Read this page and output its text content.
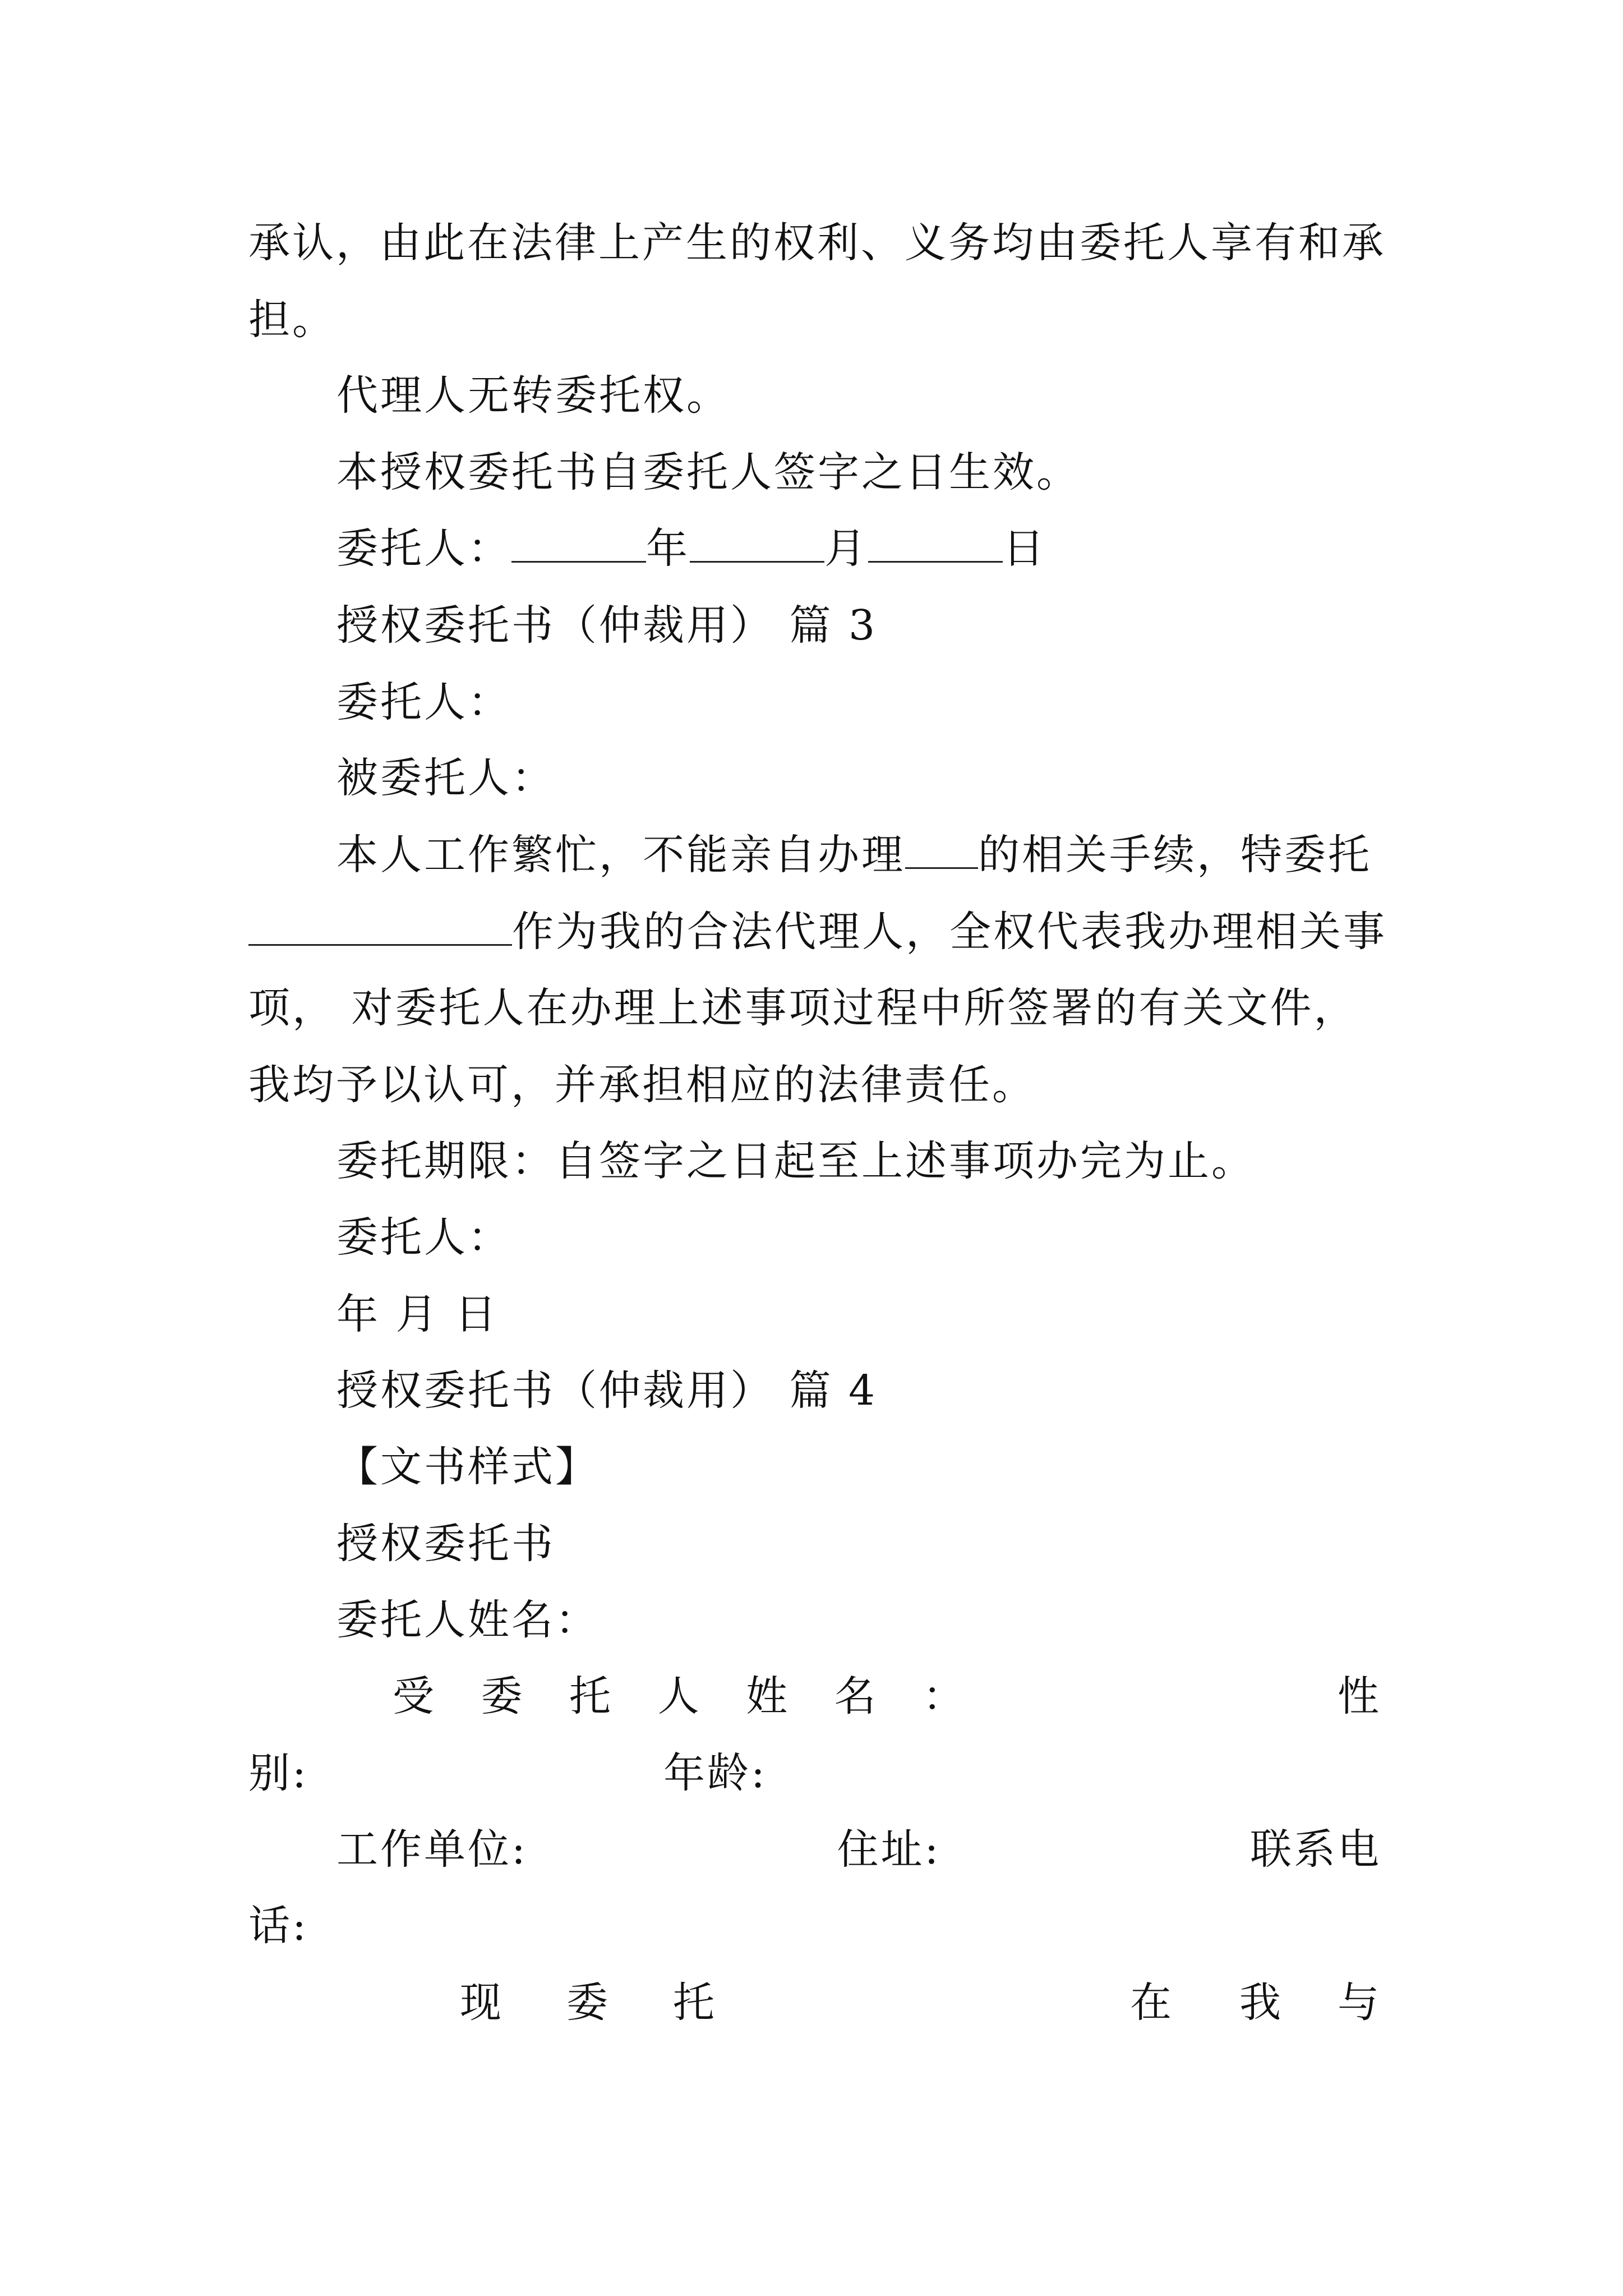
承认，由此在法律上产生的权利、义务均由委托人享有和承
担。
代理人无转委托权。
本授权委托书自委托人签字之日生效。
委托人：	年	月	日
授权委托书（仲裁用） 篇 3
委托人：
被委托人：
本人工作繁忙，不能亲自办理 的相关手续，特委托
作为我的合法代理人，全权代表我办理相关事
项， 对委托人在办理上述事项过程中所签署的有关文件，
我均予以认可，并承担相应的法律责任。
委托期限：自签字之日起至上述事项办完为止。
委托人：
年 月 日
授权委托书（仲裁用） 篇 4
【文书样式】
授权委托书
委托人姓名：
受 委 托 人 姓 名 ：	性
别:	年龄:
工作单位:	住址:	联系电
话:
现 委 托	在 我 与
